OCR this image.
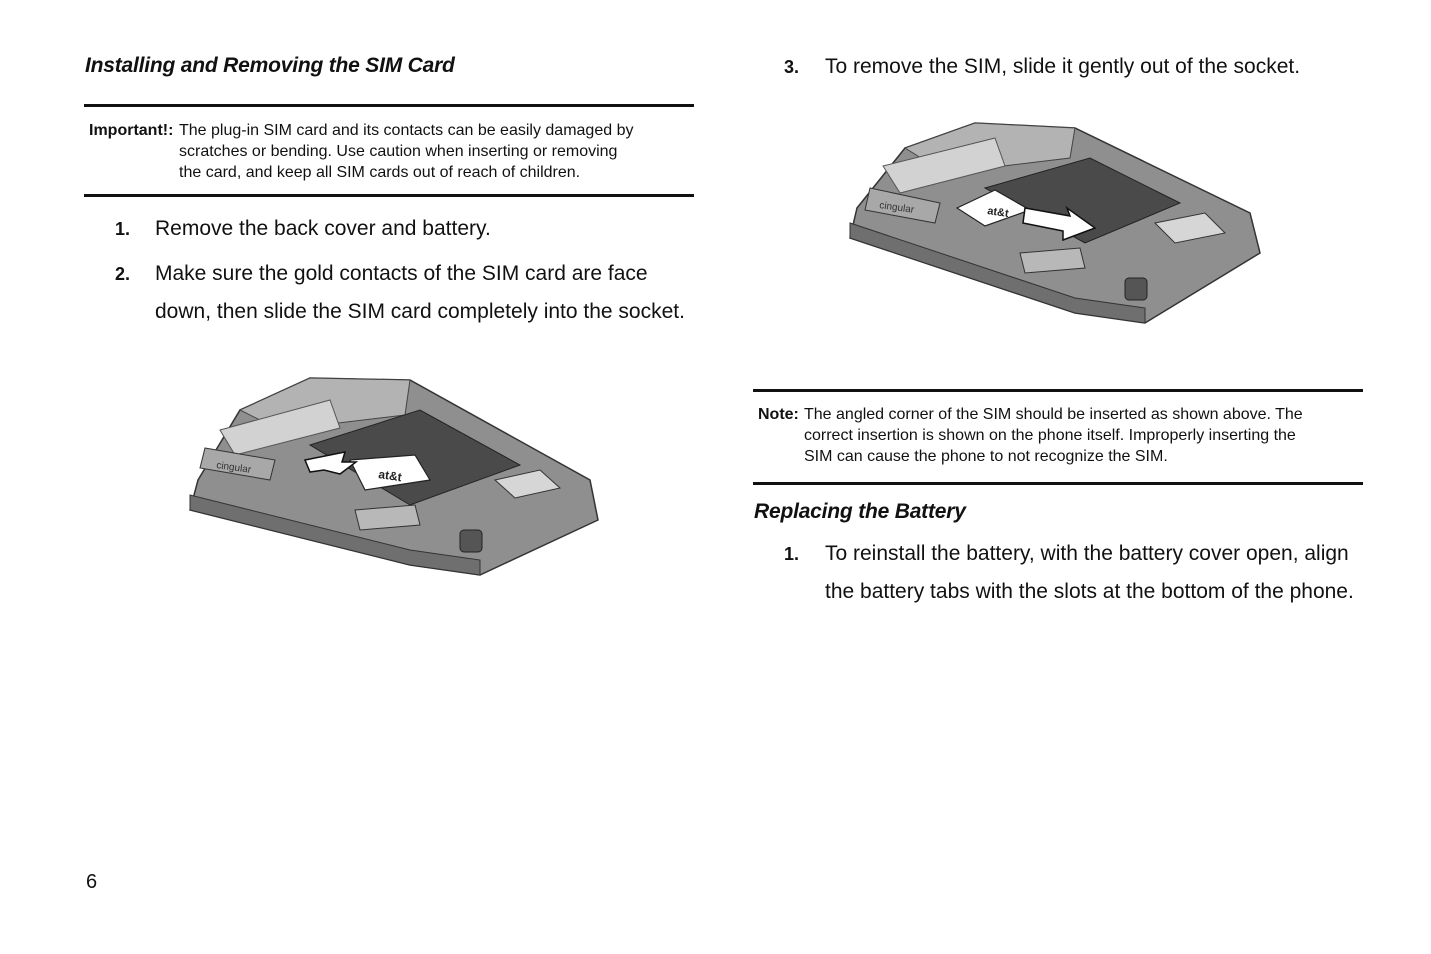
Installing and Removing the SIM Card
Important!: The plug-in SIM card and its contacts can be easily damaged by
scratches or bending. Use caution when inserting or removing
the card, and keep all SIM cards out of reach of children.
1.	Remove the back cover and battery.
2.	Make sure the gold contacts of the SIM card are face
down, then slide the SIM card completely into the socket.
at&t
cingular
3.	To remove the SIM, slide it gently out of the socket.
at&t
cingular
Note: The angled corner of the SIM should be inserted as shown above. The
correct insertion is shown on the phone itself. Improperly inserting the
SIM can cause the phone to not recognize the SIM.
Replacing the Battery
1.	To reinstall the battery, with the battery cover open, align
the battery tabs with the slots at the bottom of the phone.
6
